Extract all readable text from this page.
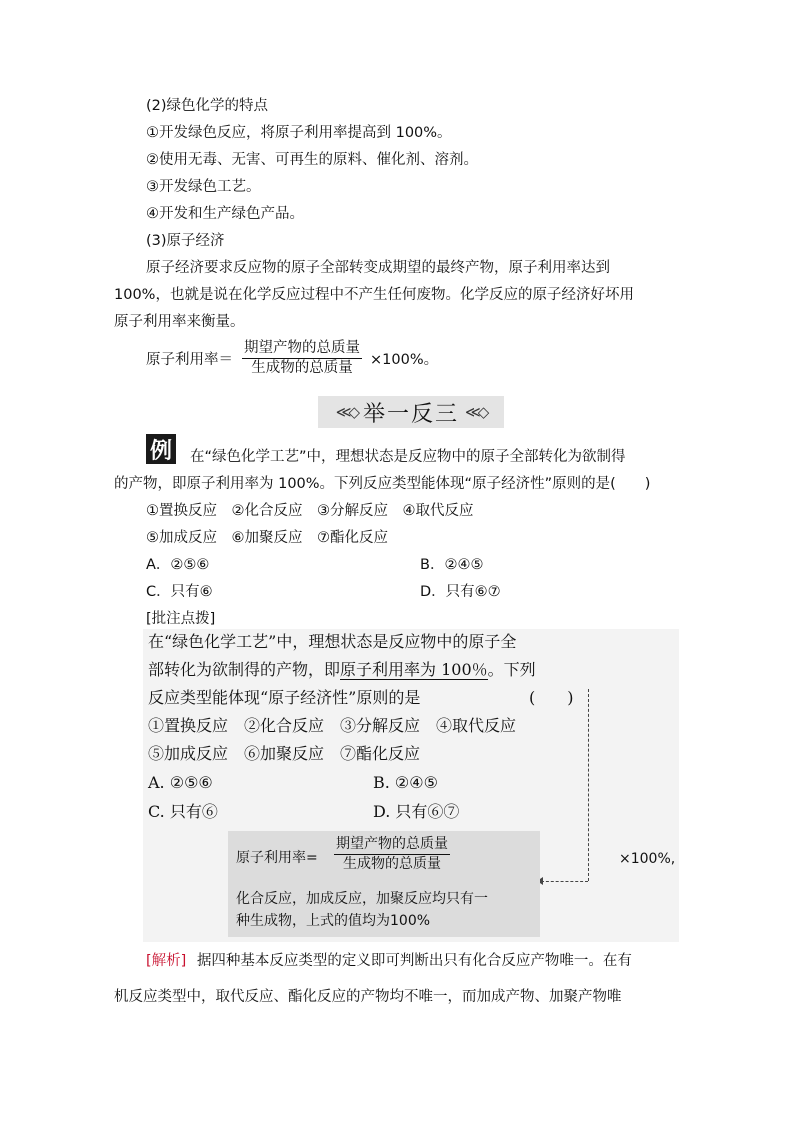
(2)绿色化学的特点
①开发绿色反应，将原子利用率提高到 100%。
②使用无毒、无害、可再生的原料、催化剂、溶剂。
③开发绿色工艺。
④开发和生产绿色产品。
(3)原子经济
原子经济要求反应物的原子全部转变成期望的最终产物，原子利用率达到
100%，也就是说在化学反应过程中不产生任何废物。化学反应的原子经济好坏用
原子利用率来衡量。
原子利用率＝
期望产物的总质量
生成物的总质量	×100%。
≪◇ 举一反三 ≪◇
例 在“绿色化学工艺”中，理想状态是反应物中的原子全部转化为欲制得
的产物，即原子利用率为 100%。下列反应类型能体现“原子经济性”原则的是(　　)
①置换反应　②化合反应　③分解反应　④取代反应
⑤加成反应　⑥加聚反应　⑦酯化反应
A．②⑤⑥	B．②④⑤
C．只有⑥	D．只有⑥⑦
[批注点拨]
在“绿色化学工艺”中，理想状态是反应物中的原子全
部转化为欲制得的产物，即原子利用率为 100％。下列
反应类型能体现“原子经济性”原则的是	(　　)
①置换反应　②化合反应　③分解反应　④取代反应
⑤加成反应　⑥加聚反应　⑦酯化反应
A. ②⑤⑥	B. ②④⑤
C. 只有⑥	D. 只有⑥⑦
原子利用率=
期望产物的总质量
生成物的总质量
化合反应，加成反应，加聚反应均只有一
种生成物，上式的值均为100%
×100%,
[解析] 据四种基本反应类型的定义即可判断出只有化合反应产物唯一。在有
机反应类型中，取代反应、酯化反应的产物均不唯一，而加成产物、加聚产物唯
